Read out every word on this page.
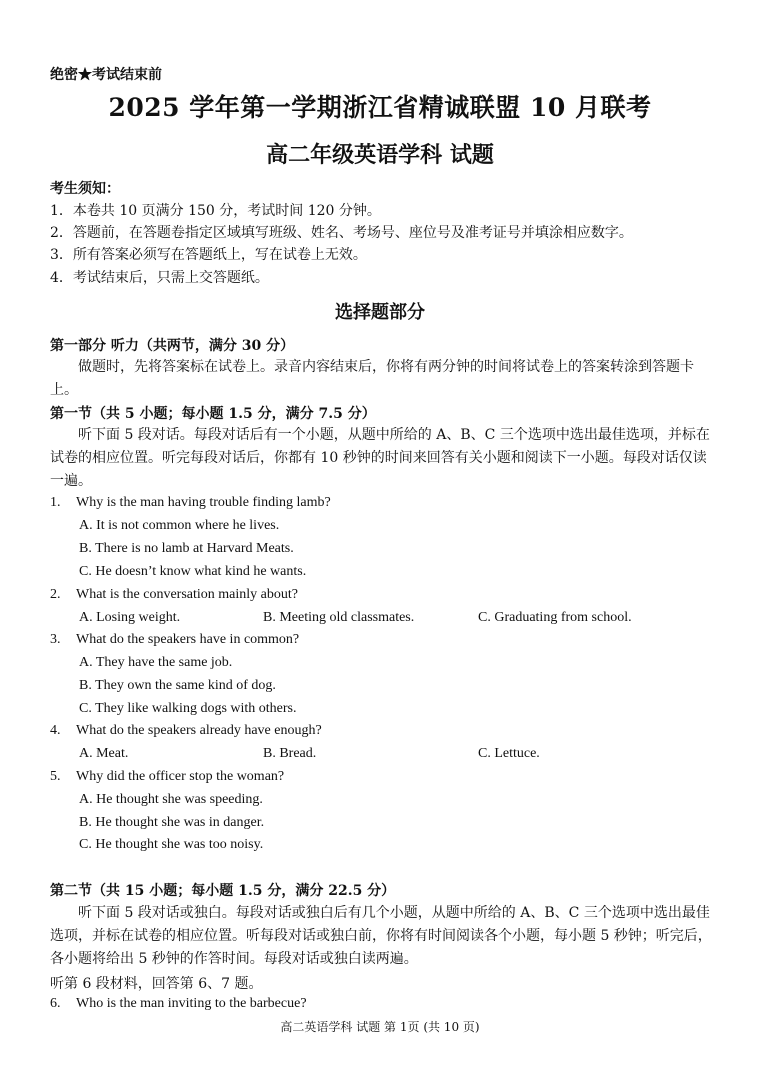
绝密★考试结束前
2025 学年第一学期浙江省精诚联盟 10 月联考
高二年级英语学科 试题
考生须知：
1．本卷共 10 页满分 150 分，考试时间 120 分钟。
2．答题前，在答题卷指定区域填写班级、姓名、考场号、座位号及准考证号并填涂相应数字。
3．所有答案必须写在答题纸上，写在试卷上无效。
4．考试结束后，只需上交答题纸。
选择题部分
第一部分 听力（共两节，满分 30 分）
做题时，先将答案标在试卷上。录音内容结束后，你将有两分钟的时间将试卷上的答案转涂到答题卡上。
第一节（共 5 小题；每小题 1.5 分，满分 7.5 分）
听下面 5 段对话。每段对话后有一个小题，从题中所给的 A、B、C 三个选项中选出最佳选项，并标在试卷的相应位置。听完每段对话后，你都有 10 秒钟的时间来回答有关小题和阅读下一小题。每段对话仅读一遍。
1. Why is the man having trouble finding lamb?
A. It is not common where he lives.
B. There is no lamb at Harvard Meats.
C. He doesn’t know what kind he wants.
2. What is the conversation mainly about?
A. Losing weight.	B. Meeting old classmates.	C. Graduating from school.
3. What do the speakers have in common?
A. They have the same job.
B. They own the same kind of dog.
C. They like walking dogs with others.
4. What do the speakers already have enough?
A. Meat.	B. Bread.	C. Lettuce.
5. Why did the officer stop the woman?
A. He thought she was speeding.
B. He thought she was in danger.
C. He thought she was too noisy.
第二节（共 15 小题；每小题 1.5 分，满分 22.5 分）
听下面 5 段对话或独白。每段对话或独白后有几个小题，从题中所给的 A、B、C 三个选项中选出最佳选项，并标在试卷的相应位置。听每段对话或独白前，你将有时间阅读各个小题，每小题 5 秒钟；听完后，各小题将给出 5 秒钟的作答时间。每段对话或独白读两遍。
听第 6 段材料，回答第 6、7 题。
6. Who is the man inviting to the barbecue?
高二英语学科 试题 第 1页 (共 10 页)
